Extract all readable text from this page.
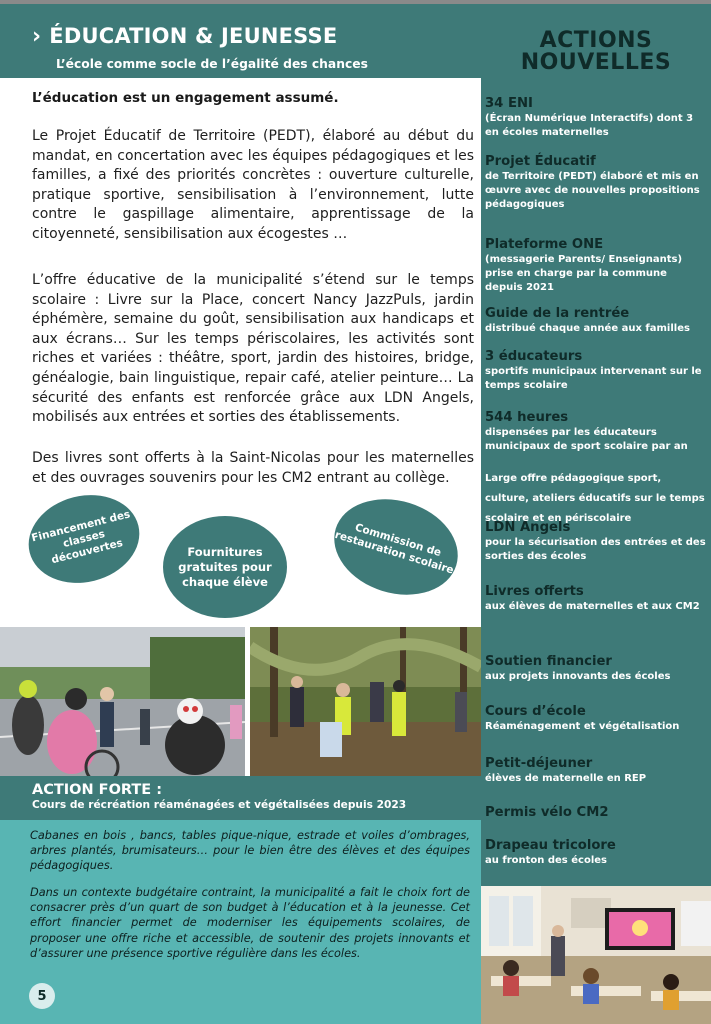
› ÉDUCATION & JEUNESSE
L’école comme socle de l’égalité des chances
L’éducation est un engagement assumé.

Le Projet Éducatif de Territoire (PEDT), élaboré au début du mandat, en concertation avec les équipes pédagogiques et les familles, a fixé des priorités concrètes : ouverture culturelle, pratique sportive, sensibilisation à l’environnement, lutte contre le gaspillage alimentaire, apprentissage de la citoyenneté, sensibilisation aux écogestes …

L’offre éducative de la municipalité s’étend sur le temps scolaire : Livre sur la Place, concert Nancy JazzPuls, jardin éphémère, semaine du goût, sensibilisation aux handicaps et aux écrans… Sur les temps périscolaires, les activités sont riches et variées : théâtre, sport, jardin des histoires, bridge, généalogie, bain linguistique, repair café, atelier peinture… La sécurité des enfants est renforcée grâce aux LDN Angels, mobilisés aux entrées et sorties des établissements.

Des livres sont offerts à la Saint-Nicolas pour les maternelles et des ouvrages souvenirs pour les CM2 entrant au collège.

Financement des classes découvertes	Fournitures gratuites pour chaque élève
Commission de restauration scolaire
ACTION FORTE :
Cours de récréation réaménagées et végétalisées depuis 2023

Cabanes en bois , bancs, tables pique-nique, estrade et voiles d’ombrages, arbres plantés, brumisateurs… pour le bien être des élèves et des équipes pédagogiques.

Dans un contexte budgétaire contraint, la municipalité a fait le choix fort de consacrer près d’un quart de son budget à l’éducation et à la jeunesse. Cet effort financier permet de moderniser les équipements scolaires, de proposer une offre riche et accessible, de soutenir des projets innovants et d’assurer une présence sportive régulière dans les écoles.

5
ACTIONS
NOUVELLES
34 ENI
(Écran Numérique Interactifs) dont 3 en écoles maternelles
Projet Éducatif
de Territoire (PEDT) élaboré et mis en œuvre avec de nouvelles propositions pédagogiques
Plateforme ONE
(messagerie Parents/ Enseignants) prise en charge par la commune depuis 2021
Guide de la rentrée
distribué chaque année aux familles
3 éducateurs
sportifs municipaux intervenant sur le temps scolaire
544 heures
dispensées par les éducateurs municipaux de sport scolaire par an
Large offre pédagogique sport, culture, ateliers éducatifs sur le temps scolaire et en périscolaire
LDN Angels
pour la sécurisation des entrées et des sorties des écoles
Livres offerts
aux élèves de maternelles et aux CM2
Soutien financier
aux projets innovants des écoles
Cours d’école
Réaménagement et végétalisation
Petit-déjeuner
élèves de maternelle en REP
Permis vélo CM2
Drapeau tricolore
au fronton des écoles
